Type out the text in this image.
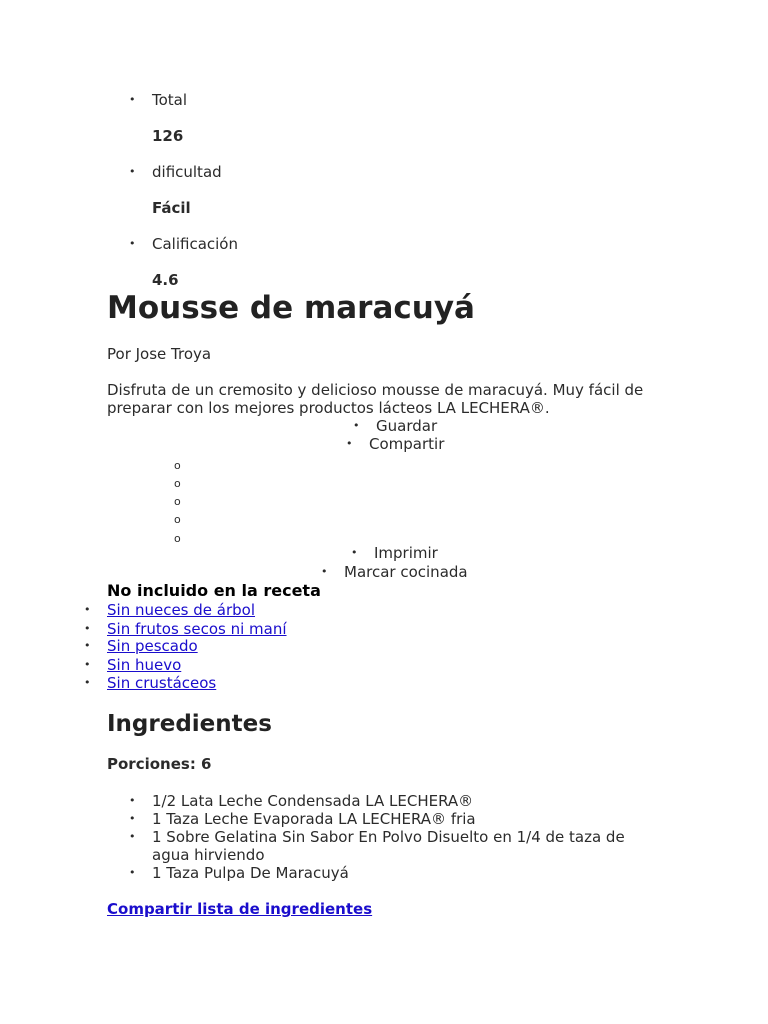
• Total
126
• dificultad
Fácil
• Calificación
4.6
Mousse de maracuyá
Por Jose Troya
Disfruta de un cremosito y delicioso mousse de maracuyá. Muy fácil de preparar con los mejores productos lácteos LA LECHERA®.
• Guardar
• Compartir
o
o
o
o
o
• Imprimir
• Marcar cocinada
No incluido en la receta
• Sin nueces de árbol
• Sin frutos secos ni maní
• Sin pescado
• Sin huevo
• Sin crustáceos
Ingredientes
Porciones: 6
• 1/2 Lata Leche Condensada LA LECHERA®
• 1 Taza Leche Evaporada LA LECHERA® fria
• 1 Sobre Gelatina Sin Sabor En Polvo Disuelto en 1/4 de taza de agua hirviendo
• 1 Taza Pulpa De Maracuyá
Compartir lista de ingredientes
